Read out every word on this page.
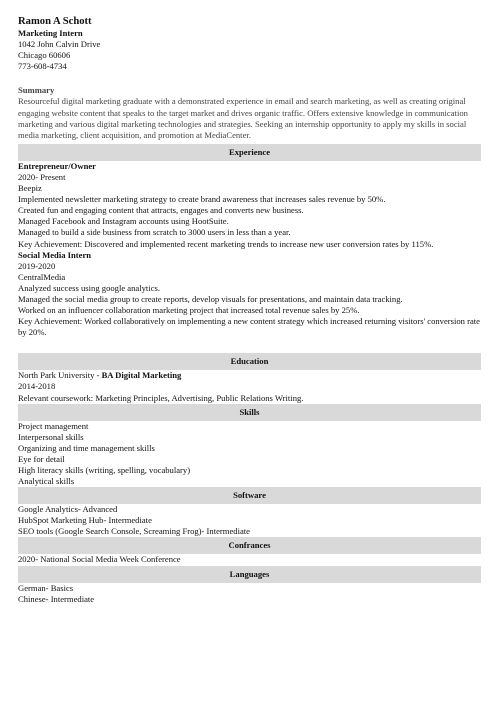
Ramon A Schott
Marketing Intern
1042 John Calvin Drive
Chicago 60606
773-608-4734
Summary
Resourceful digital marketing graduate with a demonstrated experience in email and search marketing, as well as creating original engaging website content that speaks to the target market and drives organic traffic. Offers extensive knowledge in communication marketing and various digital marketing technologies and strategies. Seeking an internship opportunity to apply my skills in social media marketing, client acquisition, and promotion at MediaCenter.
Experience
Entrepreneur/Owner
2020- Present
Beepiz
Implemented newsletter marketing strategy to create brand awareness that increases sales revenue by 50%.
Created fun and engaging content that attracts, engages and converts new business.
Managed Facebook and Instagram accounts using HootSuite.
Managed to build a side business from scratch to 3000 users in less than a year.
Key Achievement: Discovered and implemented recent marketing trends to increase new user conversion rates by 115%.
Social Media Intern
2019-2020
CentralMedia
Analyzed success using google analytics.
Managed the social media group to create reports, develop visuals for presentations, and maintain data tracking.
Worked on an influencer collaboration marketing project that increased total revenue sales by 25%.
Key Achievement: Worked collaboratively on implementing a new content strategy which increased returning visitors' conversion rate by 20%.
Education
North Park University - BA Digital Marketing
2014-2018
Relevant coursework: Marketing Principles, Advertising, Public Relations Writing.
Skills
Project management
Interpersonal skills
Organizing and time management skills
Eye for detail
High literacy skills (writing, spelling, vocabulary)
Analytical skills
Software
Google Analytics- Advanced
HubSpot Marketing Hub- Intermediate
SEO tools (Google Search Console, Screaming Frog)- Intermediate
Confrances
2020- National Social Media Week Conference
Languages
German- Basics
Chinese- Intermediate
